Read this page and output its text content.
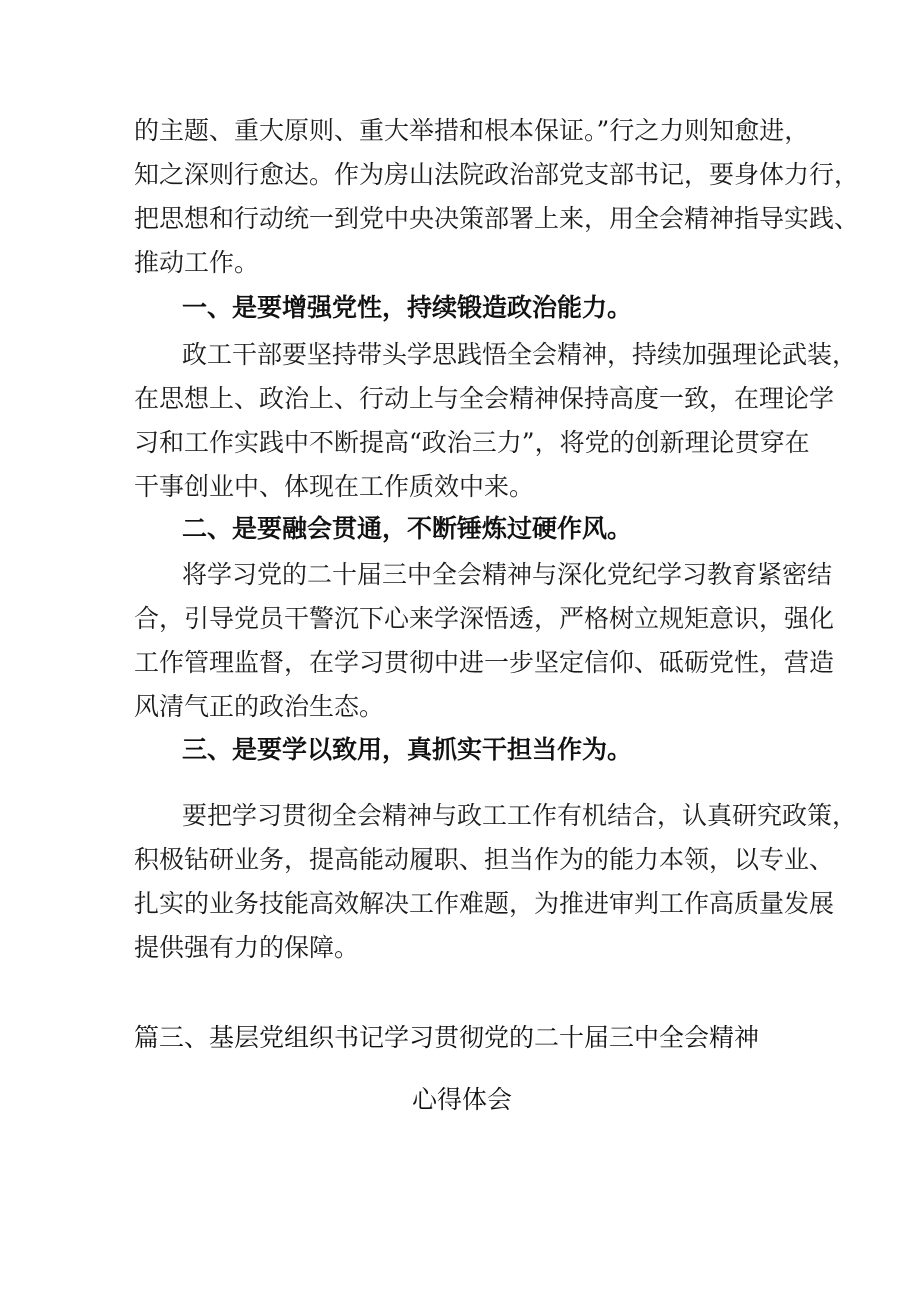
的主题、重大原则、重大举措和根本保证。”行之力则知愈进，
知之深则行愈达。作为房山法院政治部党支部书记，要身体力行，
把思想和行动统一到党中央决策部署上来，用全会精神指导实践、
推动工作。
一、是要增强党性，持续锻造政治能力。
政工干部要坚持带头学思践悟全会精神，持续加强理论武装，
在思想上、政治上、行动上与全会精神保持高度一致，在理论学
习和工作实践中不断提高“政治三力”，将党的创新理论贯穿在
干事创业中、体现在工作质效中来。
二、是要融会贯通，不断锤炼过硬作风。
将学习党的二十届三中全会精神与深化党纪学习教育紧密结
合，引导党员干警沉下心来学深悟透，严格树立规矩意识，强化
工作管理监督，在学习贯彻中进一步坚定信仰、砥砺党性，营造
风清气正的政治生态。
三、是要学以致用，真抓实干担当作为。
要把学习贯彻全会精神与政工工作有机结合，认真研究政策，
积极钻研业务，提高能动履职、担当作为的能力本领，以专业、
扎实的业务技能高效解决工作难题，为推进审判工作高质量发展
提供强有力的保障。
篇三、基层党组织书记学习贯彻党的二十届三中全会精神
心得体会
